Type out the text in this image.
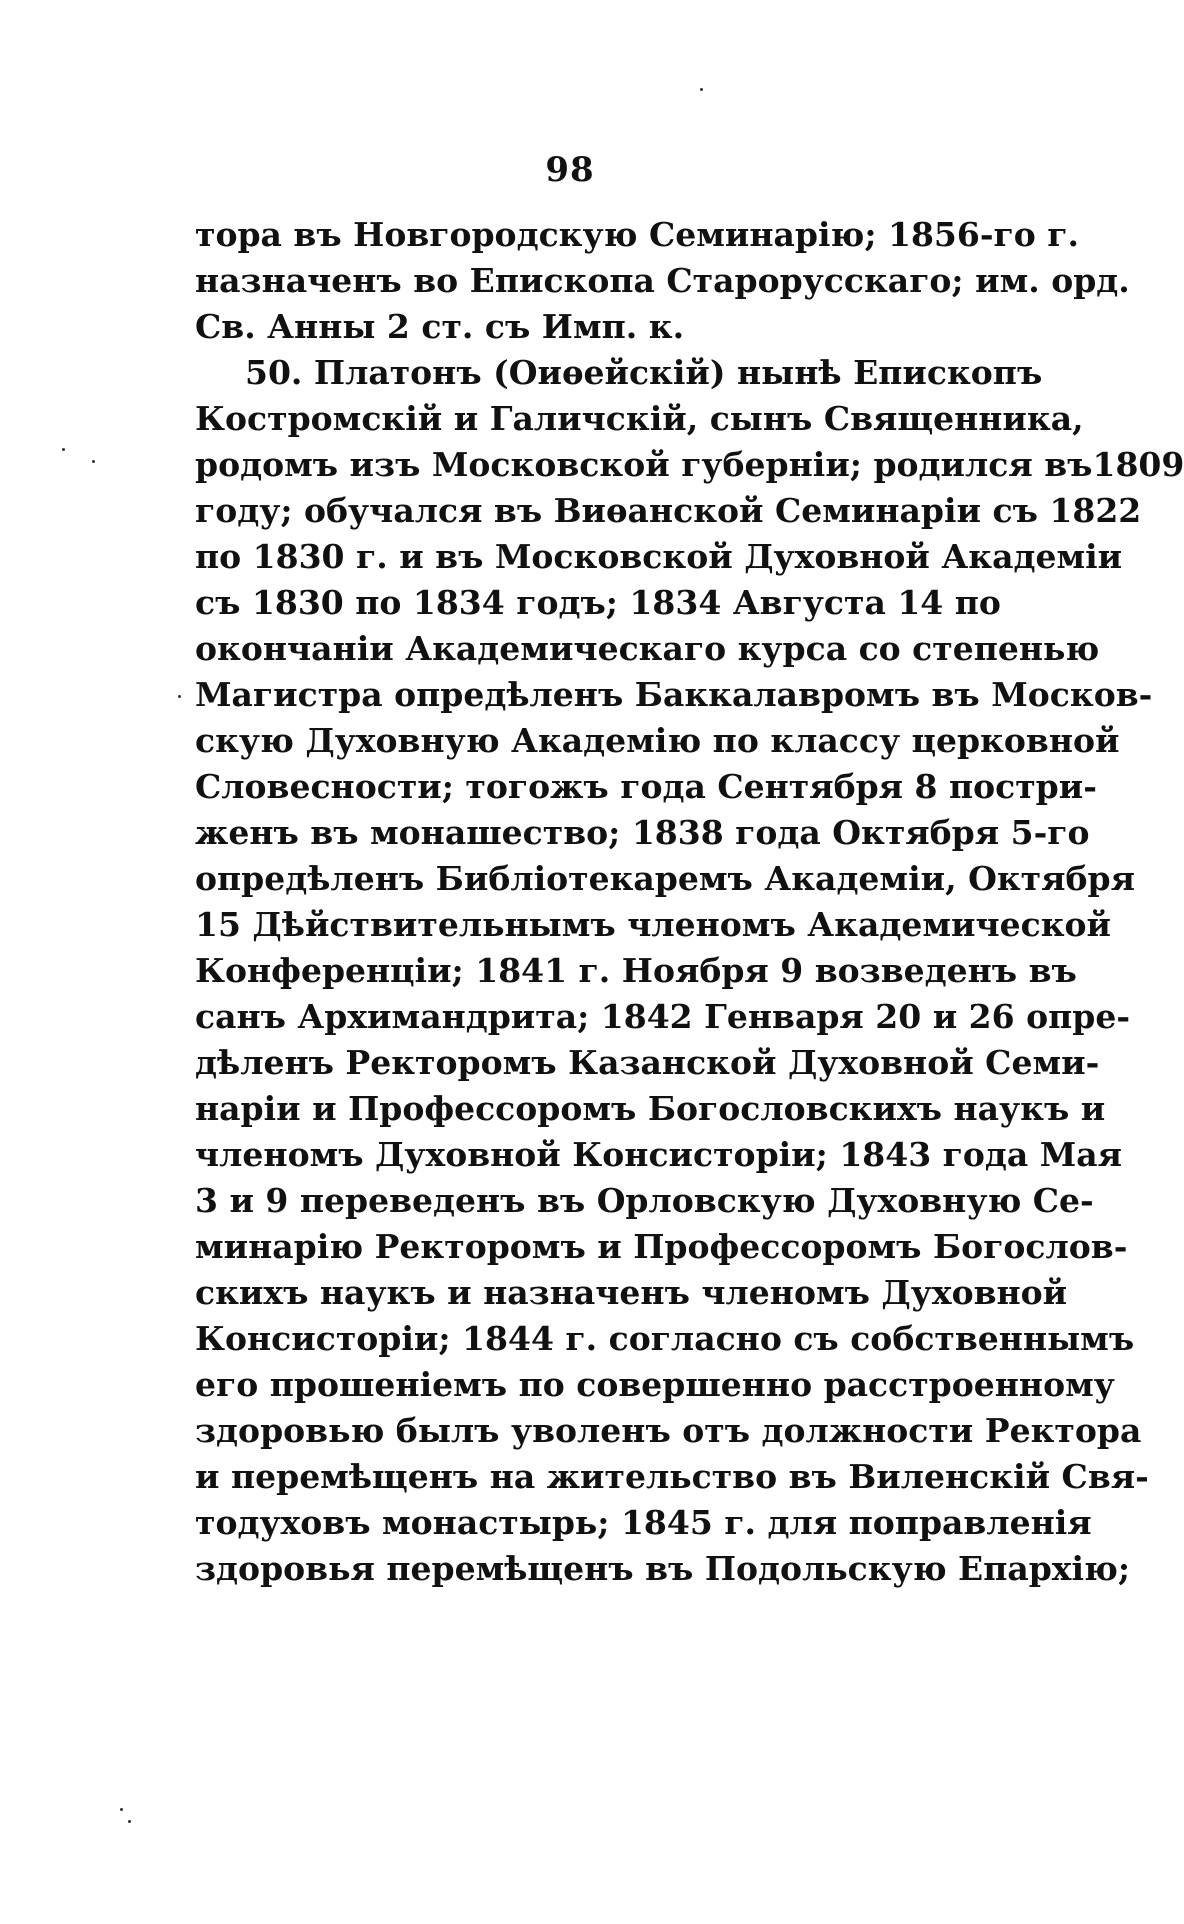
98
тора въ Новгородскую Семинарію; 1856-го г.
назначенъ во Епископа Старорусскаго; им. орд.
Св. Анны 2 ст. съ Имп. к.
50. Платонъ (Оиѳейскій) нынѣ Епископъ
Костромскій и Галичскій, сынъ Священника,
родомъ изъ Московской губерніи; родился въ1809
году; обучался въ Виѳанской Семинаріи съ 1822
по 1830 г. и въ Московской Духовной Академіи
съ 1830 по 1834 годъ; 1834 Августа 14 по
окончаніи Академическаго курса со степенью
Магистра опредѣленъ Баккалавромъ въ Москов-
скую Духовную Академію по классу церковной
Словесности; тогожъ года Сентября 8 постри-
женъ въ монашество; 1838 года Октября 5-го
опредѣленъ Библіотекаремъ Академіи, Октября
15 Дѣйствительнымъ членомъ Академической
Конференціи; 1841 г. Ноября 9 возведенъ въ
санъ Архимандрита; 1842 Генваря 20 и 26 опре-
дѣленъ Ректоромъ Казанской Духовной Семи-
наріи и Профессоромъ Богословскихъ наукъ и
членомъ Духовной Консисторіи; 1843 года Мая
3 и 9 переведенъ въ Орловскую Духовную Се-
минарію Ректоромъ и Профессоромъ Богослов-
скихъ наукъ и назначенъ членомъ Духовной
Консисторіи; 1844 г. согласно съ собственнымъ
его прошеніемъ по совершенно расстроенному
здоровью былъ уволенъ отъ должности Ректора
и перемѣщенъ на жительство въ Виленскій Свя-
тодуховъ монастырь; 1845 г. для поправленія
здоровья перемѣщенъ въ Подольскую Епархію;
